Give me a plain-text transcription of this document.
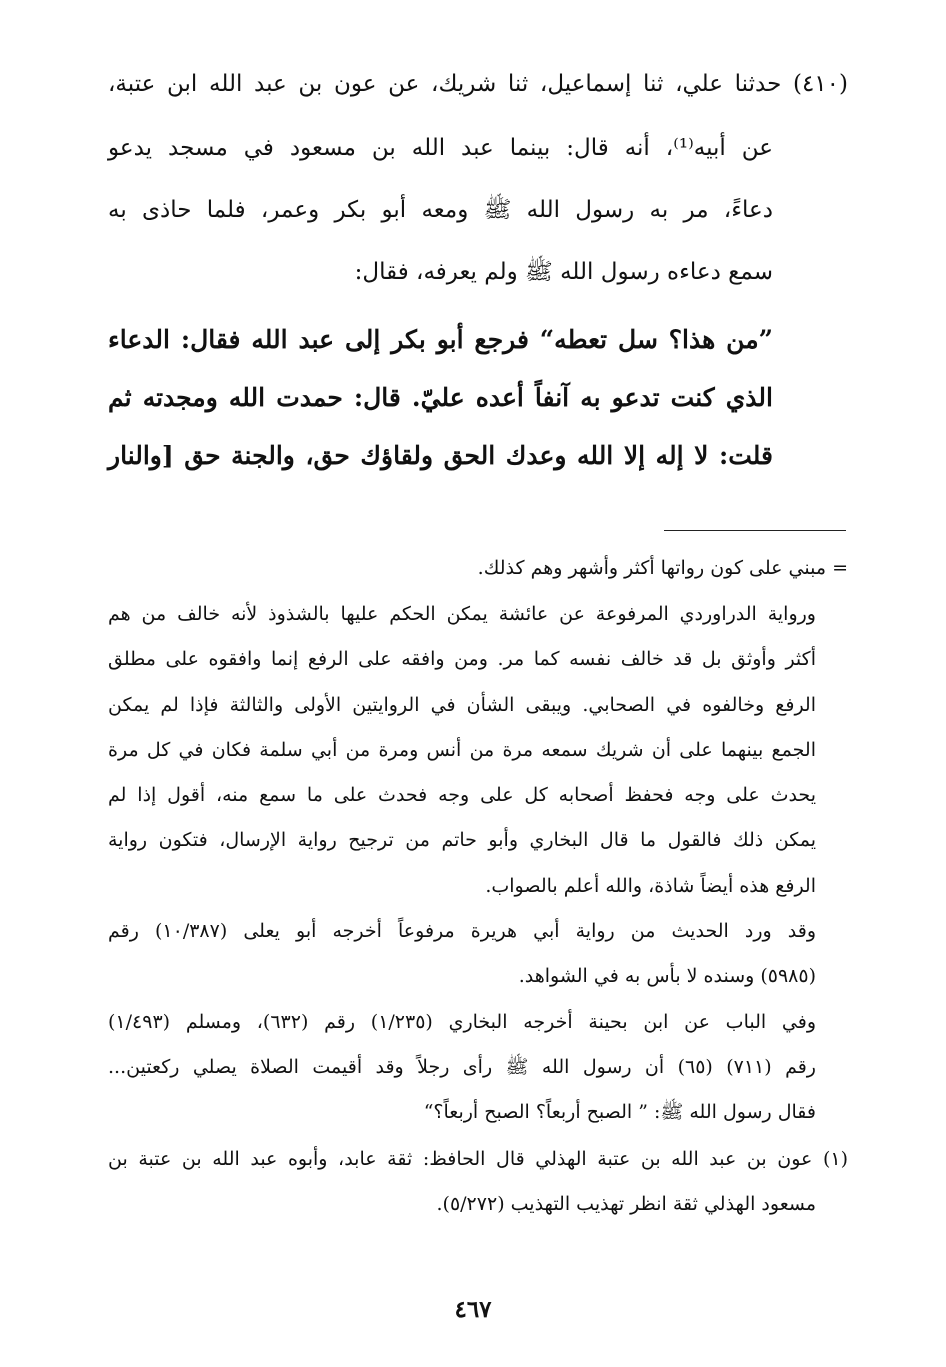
(٤١٠) حدثنا علي، ثنا إسماعيل، ثنا شريك، عن عون بن عبد الله ابن عتبة،
عن أبيه⁽¹⁾، أنه قال: بينما عبد الله بن مسعود في مسجد يدعو
دعاءً، مر به رسول الله ﷺ ومعه أبو بكر وعمر، فلما حاذى به
سمع دعاءه رسول الله ﷺ ولم يعرفه، فقال:
”من هذا؟ سل تعطه“ فرجع أبو بكر إلى عبد الله فقال: الدعاء
الذي كنت تدعو به آنفاً أعده عليّ. قال: حمدت الله ومجدته ثم
قلت: لا إله إلا الله وعدك الحق ولقاؤك حق، والجنة حق [والنار
= مبني على كون رواتها أكثر وأشهر وهم كذلك.
ورواية الدراوردي المرفوعة عن عائشة يمكن الحكم عليها بالشذوذ لأنه خالف من هم
أكثر وأوثق بل قد خالف نفسه كما مر. ومن وافقه على الرفع إنما وافقوه على مطلق
الرفع وخالفوه في الصحابي. ويبقى الشأن في الروايتين الأولى والثالثة فإذا لم يمكن
الجمع بينهما على أن شريك سمعه مرة من أنس ومرة من أبي سلمة فكان في كل مرة
يحدث على وجه فحفظ أصحابه كل على وجه فحدث على ما سمع منه، أقول إذا لم
يمكن ذلك فالقول ما قال البخاري وأبو حاتم من ترجيح رواية الإرسال، فتكون رواية
الرفع هذه أيضاً شاذة، والله أعلم بالصواب.
وقد ورد الحديث من رواية أبي هريرة مرفوعاً أخرجه أبو يعلى (١٠/٣٨٧) رقم
(٥٩٨٥) وسنده لا بأس به في الشواهد.
وفي الباب عن ابن بحينة أخرجه البخاري (١/٢٣٥) رقم (٦٣٢)، ومسلم (١/٤٩٣)
رقم (٧١١) (٦٥) أن رسول الله ﷺ رأى رجلاً وقد أقيمت الصلاة يصلي ركعتين...
فقال رسول الله ﷺ: ” الصبح أربعاً؟ الصبح أربعاً؟“
(١) عون بن عبد الله بن عتبة الهذلي قال الحافظ: ثقة عابد، وأبوه عبد الله بن عتبة بن
مسعود الهذلي ثقة انظر تهذيب التهذيب (٥/٢٧٢).
٤٦٧
